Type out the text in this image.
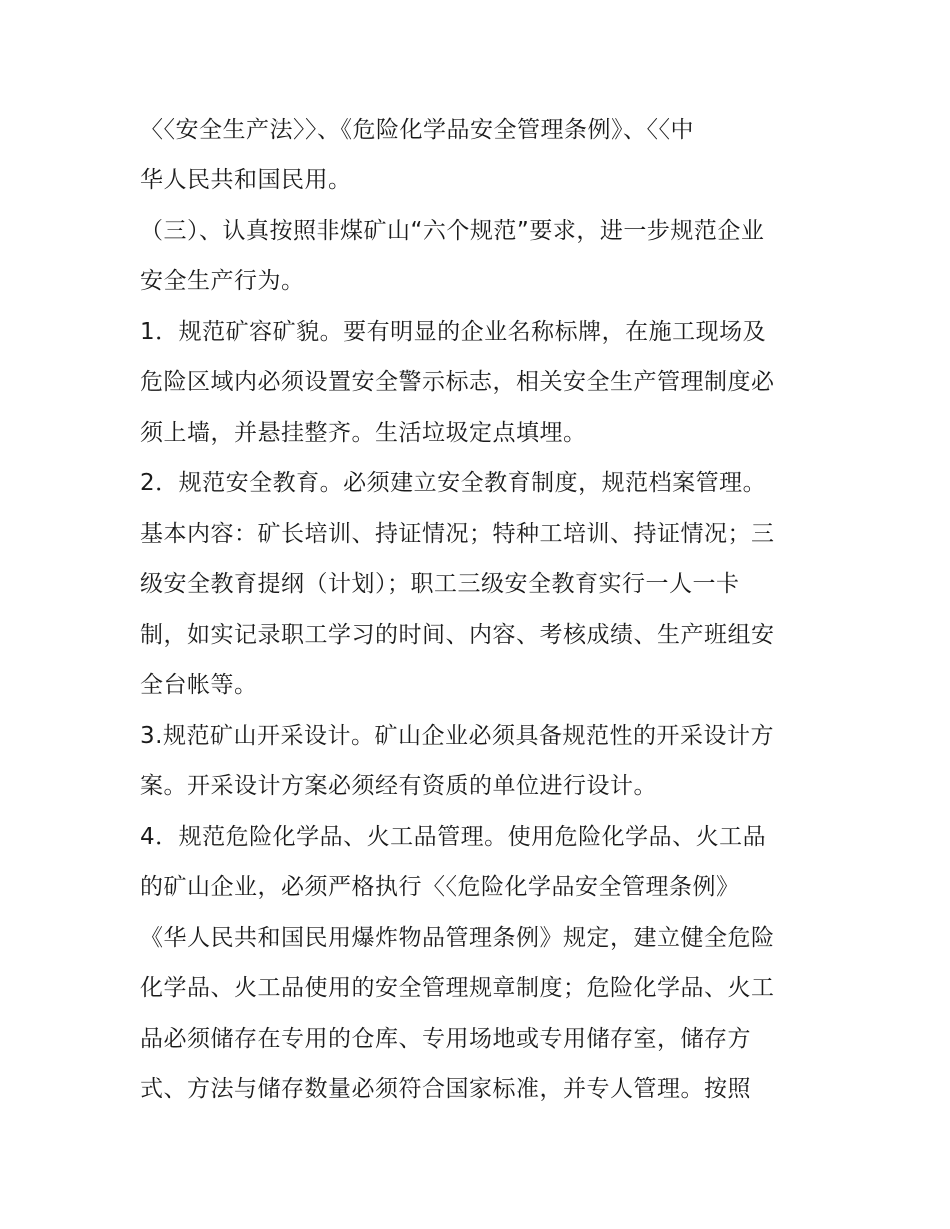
〈〈安全生产法〉〉、《危险化学品安全管理条例》、〈〈中
华人民共和国民用。
（三）、认真按照非煤矿山“六个规范”要求，进一步规范企业
安全生产行为。
1．规范矿容矿貌。要有明显的企业名称标牌，在施工现场及
危险区域内必须设置安全警示标志，相关安全生产管理制度必
须上墙，并悬挂整齐。生活垃圾定点填埋。
2．规范安全教育。必须建立安全教育制度，规范档案管理。
基本内容：矿长培训、持证情况；特种工培训、持证情况；三
级安全教育提纲（计划）；职工三级安全教育实行一人一卡
制，如实记录职工学习的时间、内容、考核成绩、生产班组安
全台帐等。
3.规范矿山开采设计。矿山企业必须具备规范性的开采设计方
案。开采设计方案必须经有资质的单位进行设计。
4．规范危险化学品、火工品管理。使用危险化学品、火工品
的矿山企业，必须严格执行〈〈危险化学品安全管理条例》
《华人民共和国民用爆炸物品管理条例》规定，建立健全危险
化学品、火工品使用的安全管理规章制度；危险化学品、火工
品必须储存在专用的仓库、专用场地或专用储存室，储存方
式、方法与储存数量必须符合国家标准，并专人管理。按照
